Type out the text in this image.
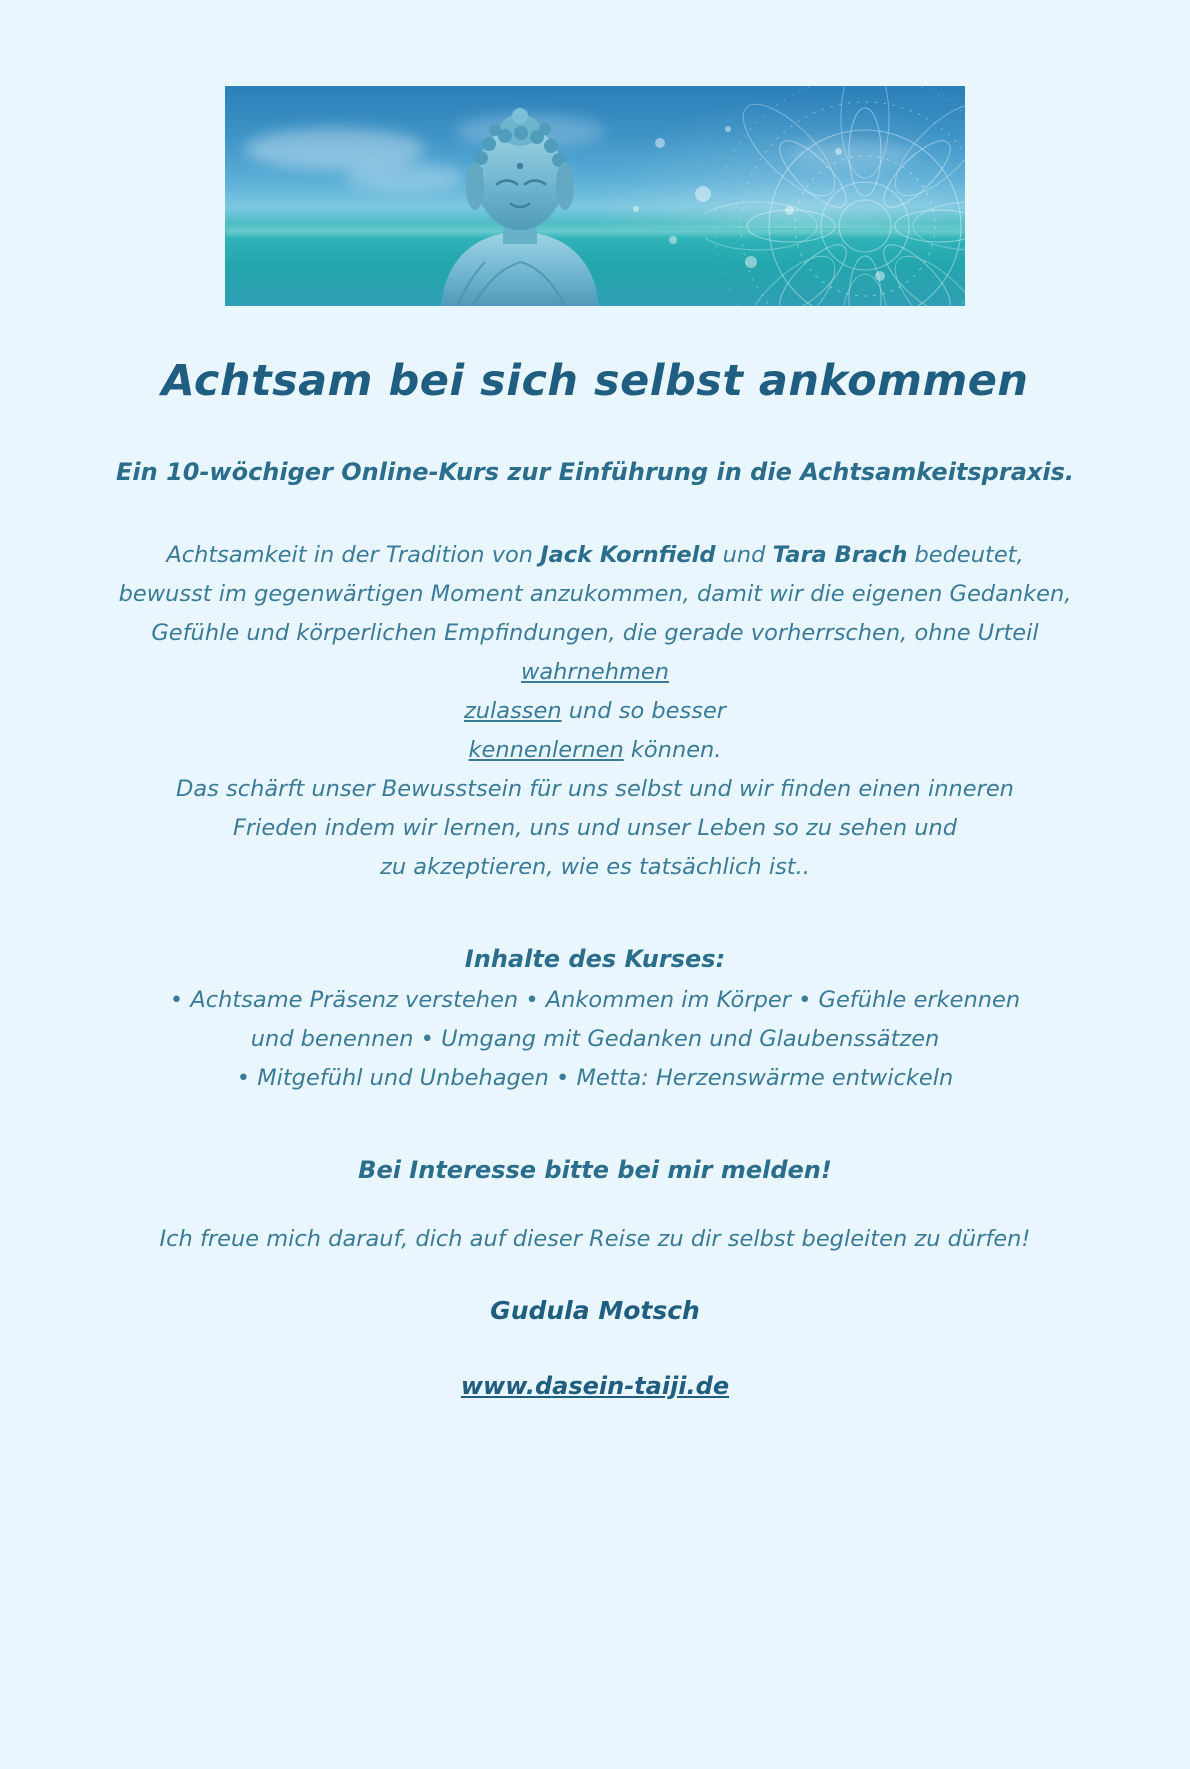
Achtsam bei sich selbst ankommen

Ein 10-wöchiger Online-Kurs zur Einführung in die Achtsamkeitspraxis.

Achtsamkeit in der Tradition von Jack Kornfield und Tara Brach bedeutet,
bewusst im gegenwärtigen Moment anzukommen, damit wir die eigenen Gedanken,
Gefühle und körperlichen Empfindungen, die gerade vorherrschen, ohne Urteil
wahrnehmen
zulassen und so besser
kennenlernen können.
Das schärft unser Bewusstsein für uns selbst und wir finden einen inneren
Frieden indem wir lernen, uns und unser Leben so zu sehen und
zu akzeptieren, wie es tatsächlich ist..

Inhalte des Kurses:

• Achtsame Präsenz verstehen • Ankommen im Körper • Gefühle erkennen
und benennen • Umgang mit Gedanken und Glaubenssätzen
• Mitgefühl und Unbehagen • Metta: Herzenswärme entwickeln

Bei Interesse bitte bei mir melden!

Ich freue mich darauf, dich auf dieser Reise zu dir selbst begleiten zu dürfen!

Gudula Motsch

www.dasein-taiji.de
